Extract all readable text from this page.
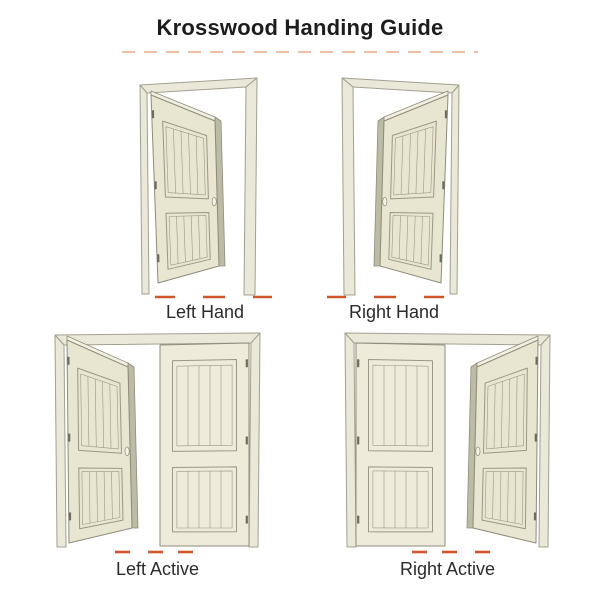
Krosswood Handing Guide
Left Hand	Right Hand
Left Active	Right Active
